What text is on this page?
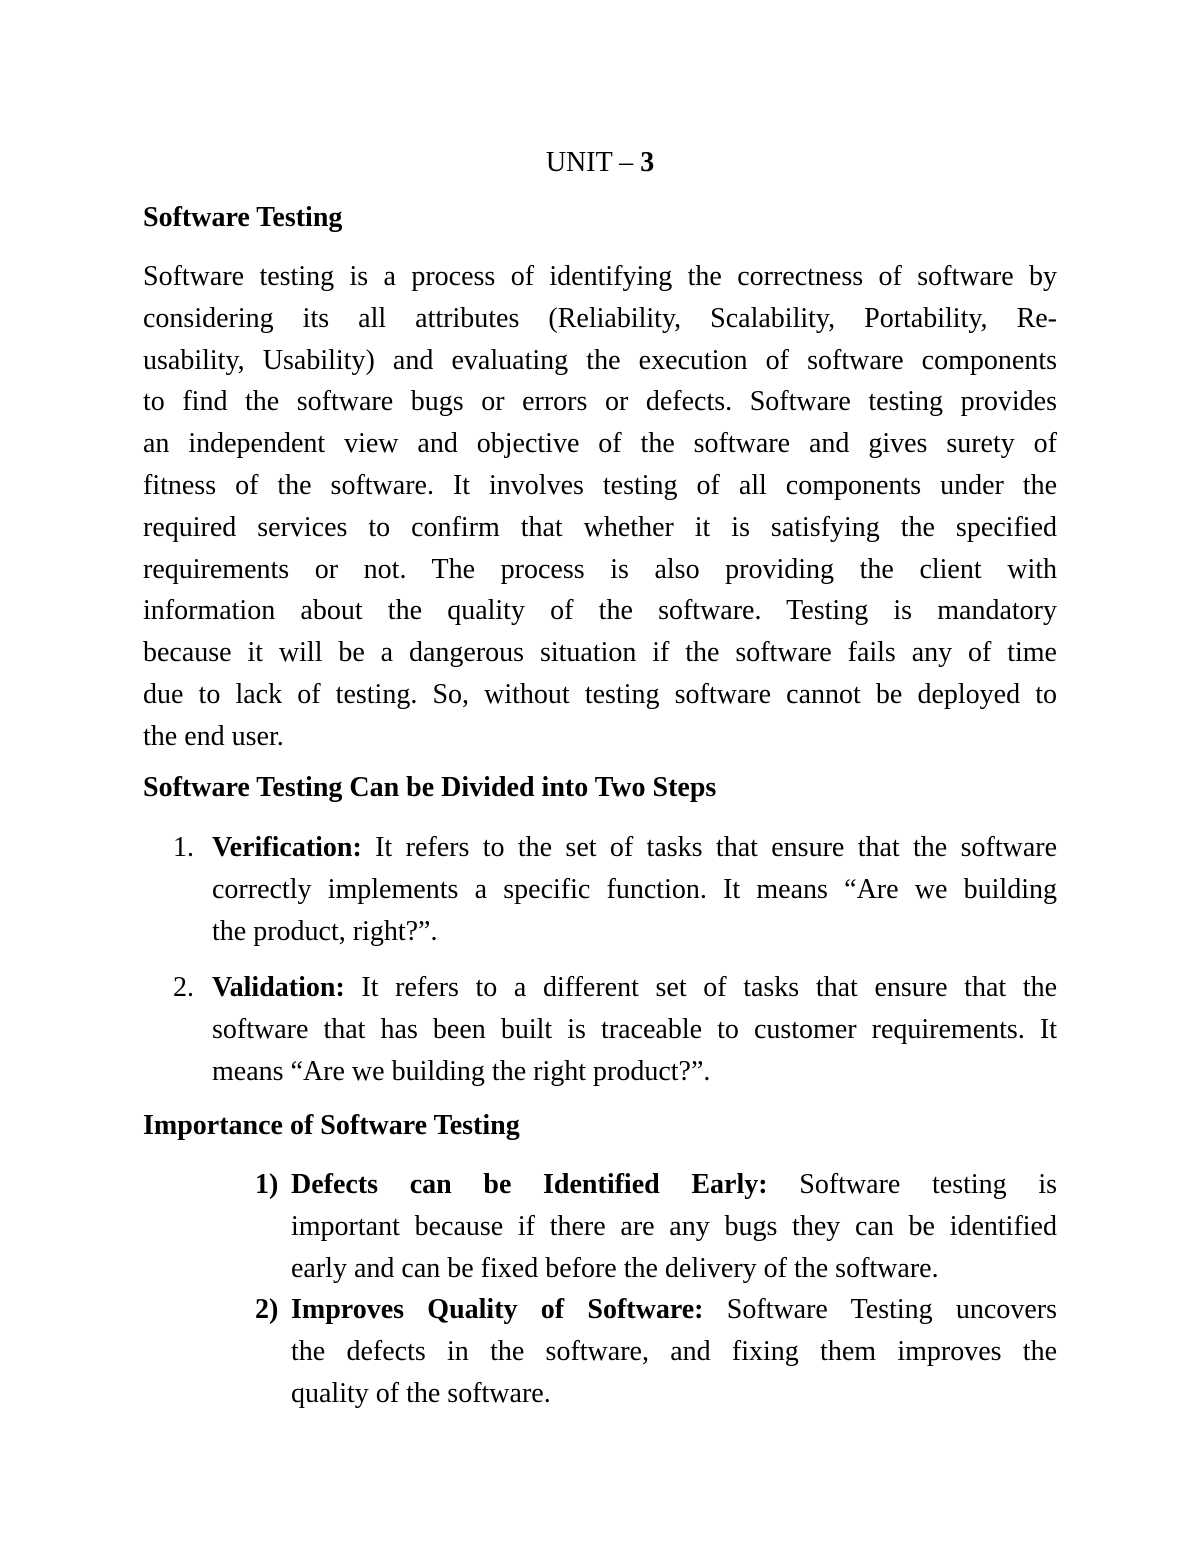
UNIT – 3
Software Testing
Software testing is a process of identifying the correctness of software by
considering its all attributes (Reliability, Scalability, Portability, Re-
usability, Usability) and evaluating the execution of software components
to find the software bugs or errors or defects. Software testing provides
an independent view and objective of the software and gives surety of
fitness of the software. It involves testing of all components under the
required services to confirm that whether it is satisfying the specified
requirements or not. The process is also providing the client with
information about the quality of the software. Testing is mandatory
because it will be a dangerous situation if the software fails any of time
due to lack of testing. So, without testing software cannot be deployed to
the end user.
Software Testing Can be Divided into Two Steps
1. Verification: It refers to the set of tasks that ensure that the software
correctly implements a specific function. It means “Are we building
the product, right?”.
2. Validation: It refers to a different set of tasks that ensure that the
software that has been built is traceable to customer requirements. It
means “Are we building the right product?”.
Importance of Software Testing
1) Defects can be Identified Early: Software testing is
important because if there are any bugs they can be identified
early and can be fixed before the delivery of the software.
2) Improves Quality of Software: Software Testing uncovers
the defects in the software, and fixing them improves the
quality of the software.
